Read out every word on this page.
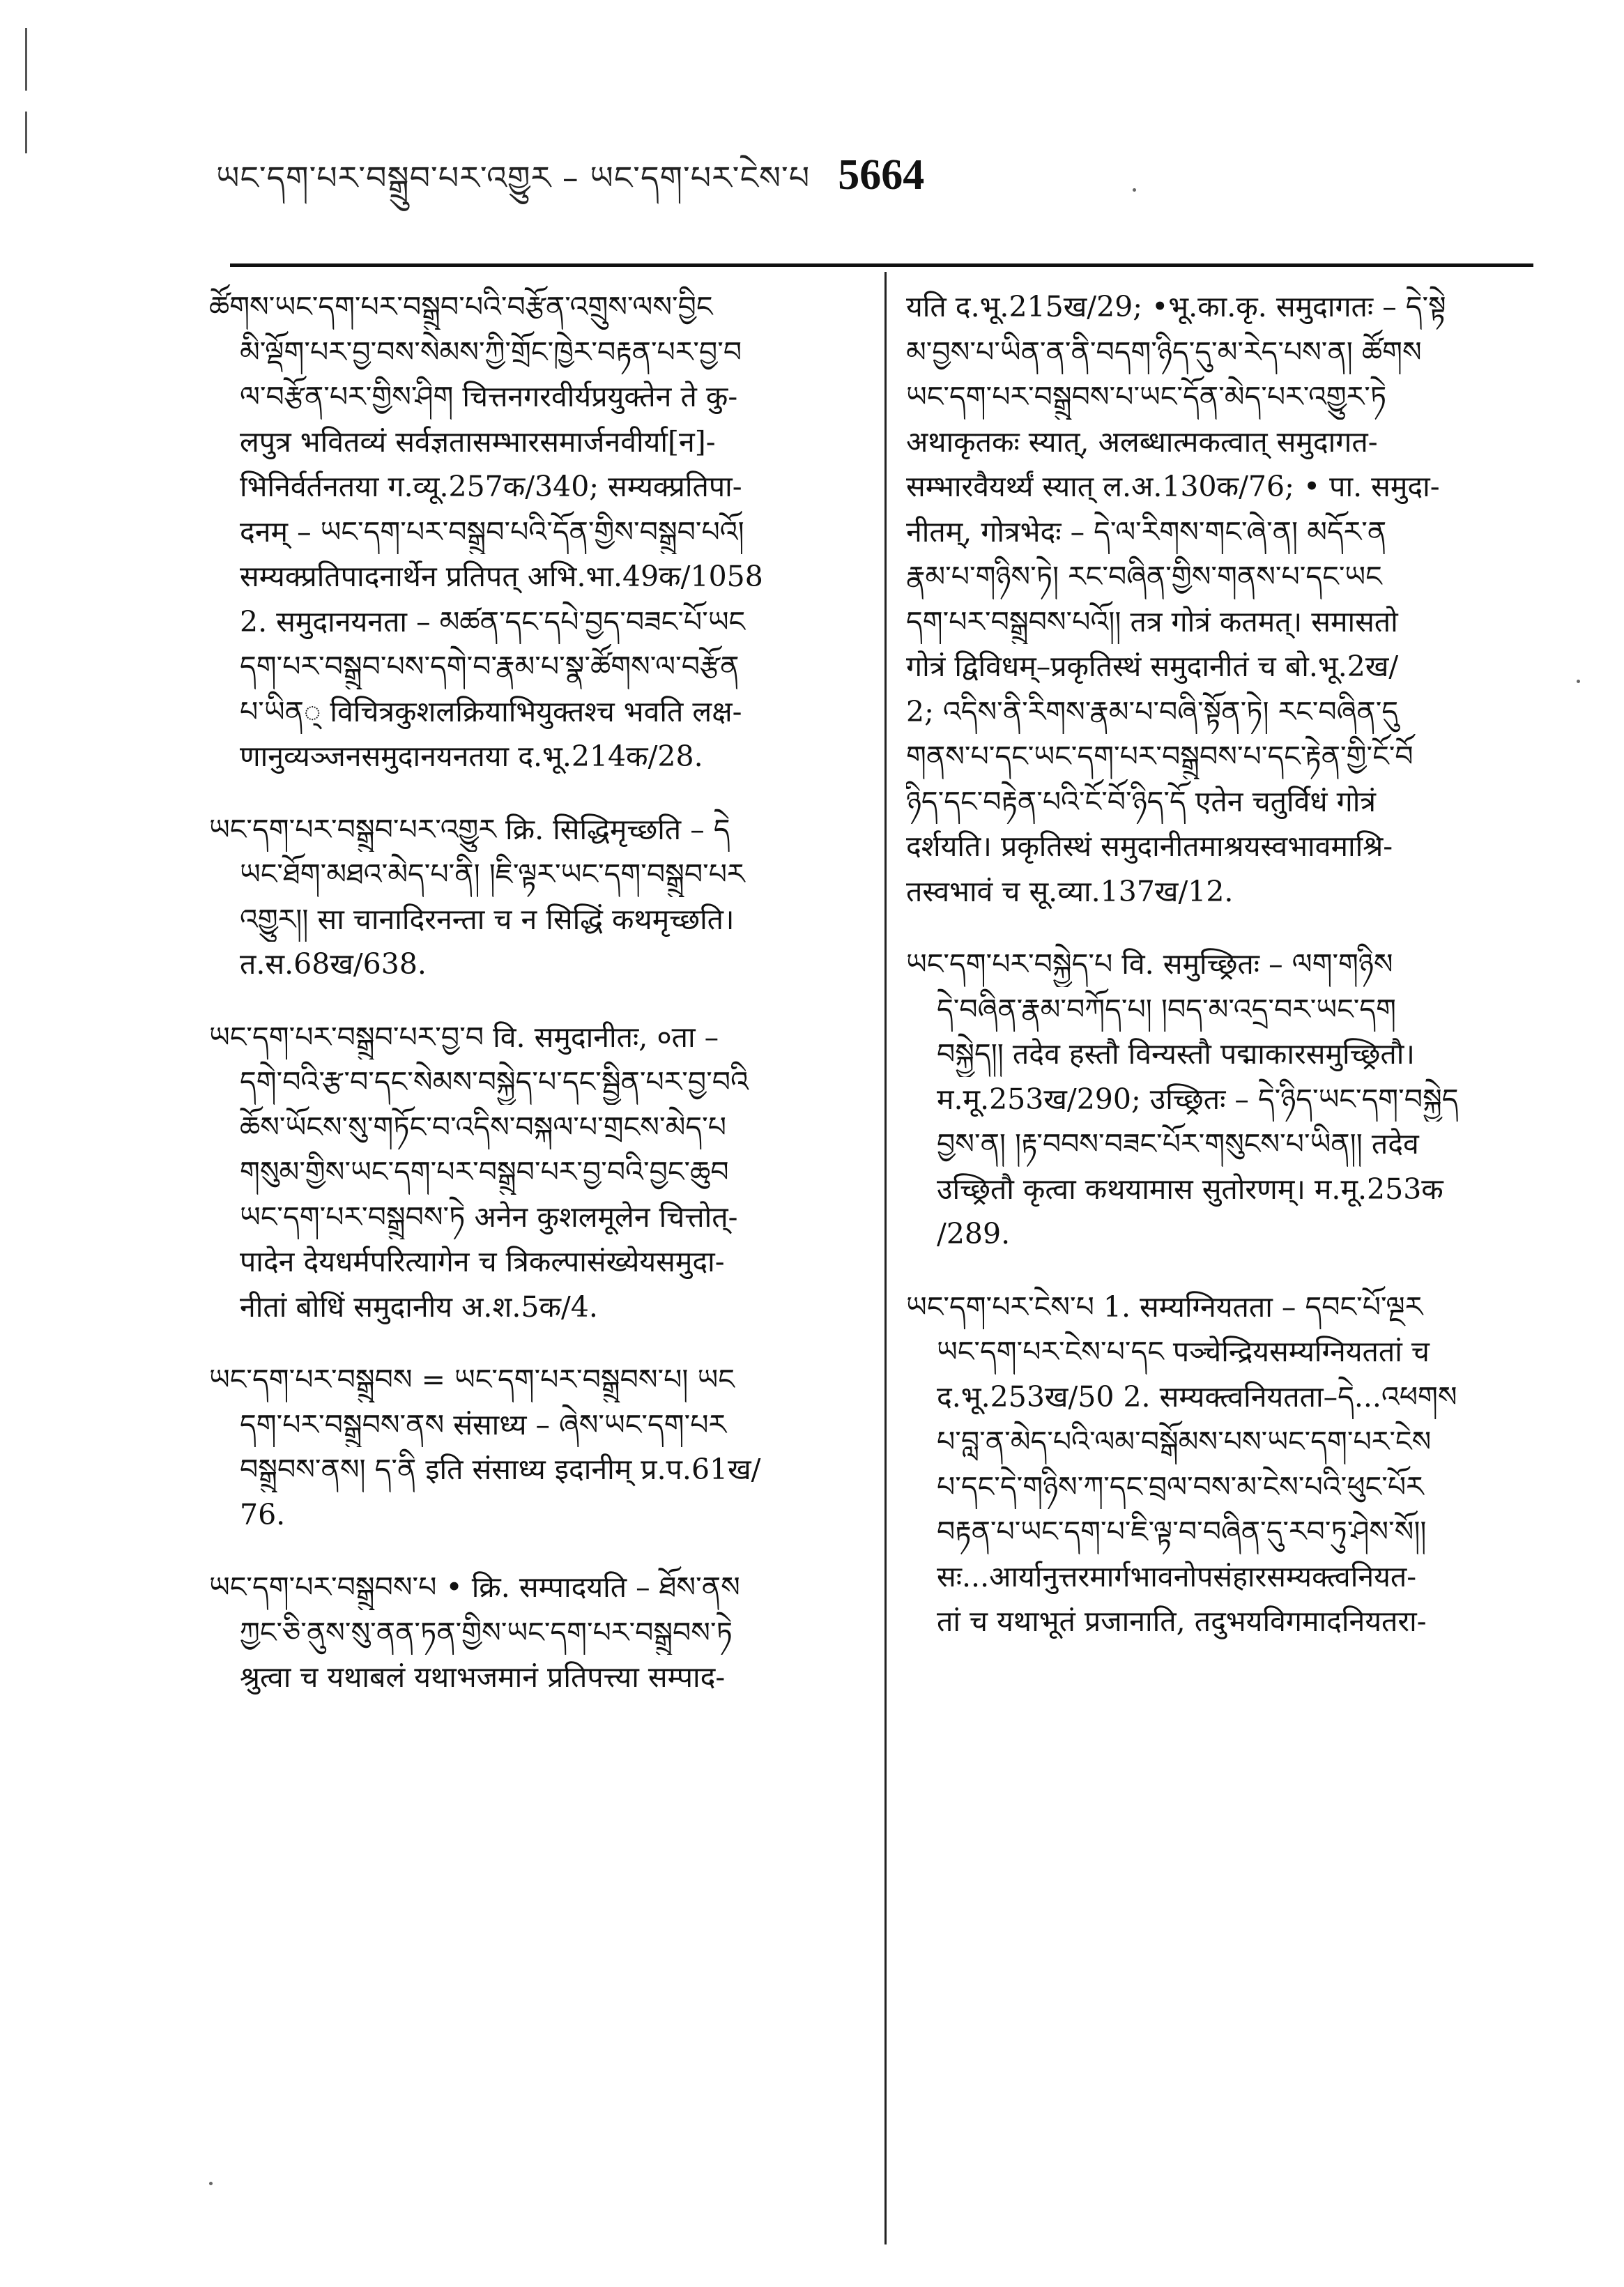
ཡང་དག་པར་བསྒྲུབ་པར་འགྱུར – ཡང་དག་པར་ངེས་པ 5664
ཚོགས་ཡང་དག་པར་བསྒྲུབ་པའི་བརྩོན་འགྲུས་ལས་བྱིང
མི་ལྡོག་པར་བྱ་བས་སེམས་ཀྱི་གྲོང་ཁྱེར་བརྟན་པར་བྱ་བ
ལ་བརྩོན་པར་གྱིས་ཤིག चित्तनगरवीर्यप्रयुक्तेन ते कु-
लपुत्र भवितव्यं सर्वज्ञतासम्भारसमार्जनवीर्या[न]-
भिनिर्वर्तनतया ग.व्यू.257क/340; सम्यक्प्रतिपा-
दनम् – ཡང་དག་པར་བསྒྲུབ་པའི་དོན་གྱིས་བསྒྲུབ་པའོ།
सम्यक्प्रतिपादनार्थेन प्रतिपत् अभि.भा.49क/1058
2. समुदानयनता – མཚན་དང་དཔེ་བྱད་བཟང་པོ་ཡང
དག་པར་བསྒྲུབ་པས་དགེ་བ་རྣམ་པ་སྣ་ཚོགས་ལ་བརྩོན
པ་ཡིན् विचित्रकुशलक्रियाभियुक्तश्च भवति लक्ष-
णानुव्यञ्जनसमुदानयनतया द.भू.214क/28.
ཡང་དག་པར་བསྒྲུབ་པར་འགྱུར क्रि. सिद्धिमृच्छति – དེ
ཡང་ཐོག་མཐའ་མེད་པ་ནི། །ཇི་ལྟར་ཡང་དག་བསྒྲུབ་པར
འགྱུར།། सा चानादिरनन्ता च न सिद्धिं कथमृच्छति।
त.स.68ख/638.
ཡང་དག་པར་བསྒྲུབ་པར་བྱ་བ वि. समुदानीतः, ०ता –
དགེ་བའི་རྩ་བ་དང་སེམས་བསྐྱེད་པ་དང་སྦྱིན་པར་བྱ་བའི
ཆོས་ཡོངས་སུ་གཏོང་བ་འདིས་བསྐལ་པ་གྲངས་མེད་པ
གསུམ་གྱིས་ཡང་དག་པར་བསྒྲུབ་པར་བྱ་བའི་བྱང་ཆུབ
ཡང་དག་པར་བསྒྲུབས་ཏེ अनेन कुशलमूलेन चित्तोत्-
पादेन देयधर्मपरित्यागेन च त्रिकल्पासंख्येयसमुदा-
नीतां बोधिं समुदानीय अ.श.5क/4.
ཡང་དག་པར་བསྒྲུབས = ཡང་དག་པར་བསྒྲུབས་པ། ཡང
དག་པར་བསྒྲུབས་ནས संसाध्य – ཞེས་ཡང་དག་པར
བསྒྲུབས་ནས། ད་ནི इति संसाध्य इदानीम् प्र.प.61ख/
76.
ཡང་དག་པར་བསྒྲུབས་པ • क्रि. सम्पादयति – ཐོས་ནས
ཀྱང་ཅི་ནུས་སུ་ནན་ཏན་གྱིས་ཡང་དག་པར་བསྒྲུབས་ཏེ
श्रुत्वा च यथाबलं यथाभजमानं प्रतिपत्त्या सम्पाद-
यति द.भू.215ख/29; •भू.का.कृ. समुदागतः – དེ་སྟེ
མ་བྱས་པ་ཡིན་ན་ནི་བདག་ཉིད་དུ་མ་རེད་པས་ན། ཚོགས
ཡང་དག་པར་བསྒྲུབས་པ་ཡང་དོན་མེད་པར་འགྱུར་ཏེ
अथाकृतकः स्यात्, अलब्धात्मकत्वात् समुदागत-
सम्भारवैयर्थ्यं स्यात् ल.अ.130क/76; • पा. समुदा-
नीतम्, गोत्रभेदः – དེ་ལ་རིགས་གང་ཞེ་ན། མདོར་ན
རྣམ་པ་གཉིས་ཏེ། རང་བཞིན་གྱིས་གནས་པ་དང་ཡང
དག་པར་བསྒྲུབས་པའོ།། तत्र गोत्रं कतमत्। समासतो
गोत्रं द्विविधम्–प्रकृतिस्थं समुदानीतं च बो.भू.2ख/
2; འདིས་ནི་རིགས་རྣམ་པ་བཞི་སྟོན་ཏེ། རང་བཞིན་དུ
གནས་པ་དང་ཡང་དག་པར་བསྒྲུབས་པ་དང་རྟེན་གྱི་ངོ་བོ
ཉིད་དང་བརྟེན་པའི་ངོ་བོ་ཉིད་དོ एतेन चतुर्विधं गोत्रं
दर्शयति। प्रकृतिस्थं समुदानीतमाश्रयस्वभावमाश्रि-
तस्वभावं च सू.व्या.137ख/12.
ཡང་དག་པར་བསྐྱེད་པ वि. समुच्छ्रितः – ལག་གཉིས
དེ་བཞིན་རྣམ་བཀོད་པ། །བད་མ་འདྲ་བར་ཡང་དག
བསྐྱེད།། तदेव हस्तौ विन्यस्तौ पद्माकारसमुच्छ्रितौ।
म.मू.253ख/290; उच्छ्रितः – དེ་ཉིད་ཡང་དག་བསྐྱེད
བྱས་ན། །རྟ་བབས་བཟང་པོར་གསུངས་པ་ཡིན།། तदेव
उच्छ्रितौ कृत्वा कथयामास सुतोरणम्। म.मू.253क
/289.
ཡང་དག་པར་ངེས་པ 1. सम्यग्नियतता – དབང་པོ་ལྔར
ཡང་དག་པར་ངེས་པ་དང पञ्चेन्द्रियसम्यग्नियततां च
द.भू.253ख/50 2. सम्यक्त्वनियतता–དེ...འཕགས
པ་བླ་ན་མེད་པའི་ལམ་བསྒོམས་པས་ཡང་དག་པར་ངེས
པ་དང་དེ་གཉིས་ཀ་དང་བྲལ་བས་མ་ངེས་པའི་ཕུང་པོར
བརྟན་པ་ཡང་དག་པ་ཇི་ལྟ་བ་བཞིན་དུ་རབ་ཏུ་ཤེས་སོ།།
सः...आर्यानुत्तरमार्गभावनोपसंहारसम्यक्त्वनियत-
तां च यथाभूतं प्रजानाति, तदुभयविगमादनियतरा-
